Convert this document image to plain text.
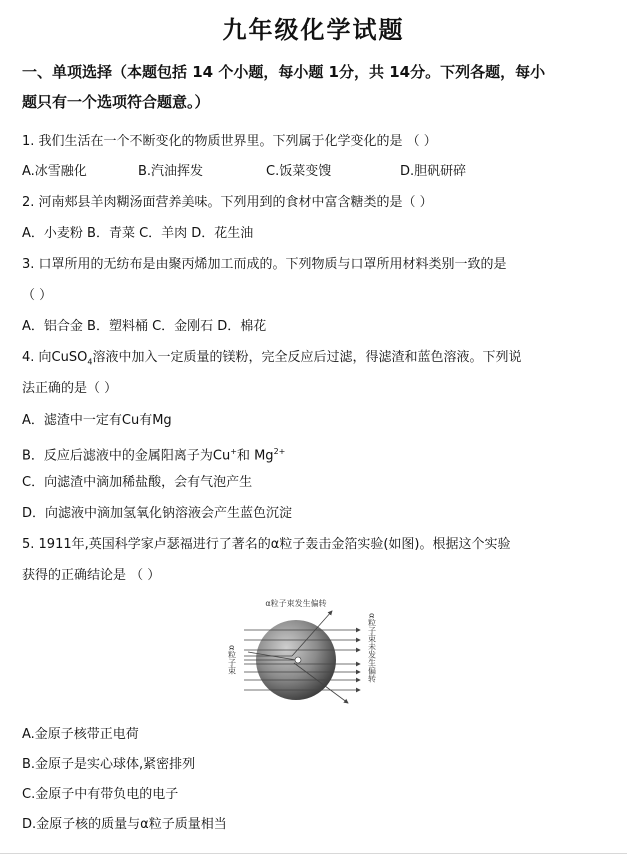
九年级化学试题
一、单项选择（本题包括 14 个小题，每小题 1分，共 14分。下列各题，每小
题只有一个选项符合题意。）
1. 我们生活在一个不断变化的物质世界里。下列属于化学变化的是 （ ）
A.冰雪融化	B.汽油挥发	C.饭菜变馊	D.胆矾研碎
2. 河南郏县羊肉糊汤面营养美味。下列用到的食材中富含糖类的是（ ）
A．小麦粉 B．青菜 C．羊肉 D．花生油
3. 口罩所用的无纺布是由聚丙烯加工而成的。下列物质与口罩所用材料类别一致的是
（ ）
A．铝合金 B．塑料桶 C．金刚石 D．棉花
4. 向CuSO$_4$溶液中加入一定质量的镁粉，完全反应后过滤，得滤渣和蓝色溶液。下列说
法正确的是（ ）
A．滤渣中一定有Cu有Mg
B．反应后滤液中的金属阳离子为Cu+和 $Mg^{2+}$
C．向滤渣中滴加稀盐酸，会有气泡产生
D．向滤液中滴加氢氧化钠溶液会产生蓝色沉淀
5. 1911年,英国科学家卢瑟福进行了著名的α粒子轰击金箔实验(如图)。根据这个实验
获得的正确结论是 （ ）
α粒子束发生偏转
α粒子束	α粒子束未发生偏转
A.金原子核带正电荷
B.金原子是实心球体,紧密排列
C.金原子中有带负电的电子
D.金原子核的质量与α粒子质量相当
